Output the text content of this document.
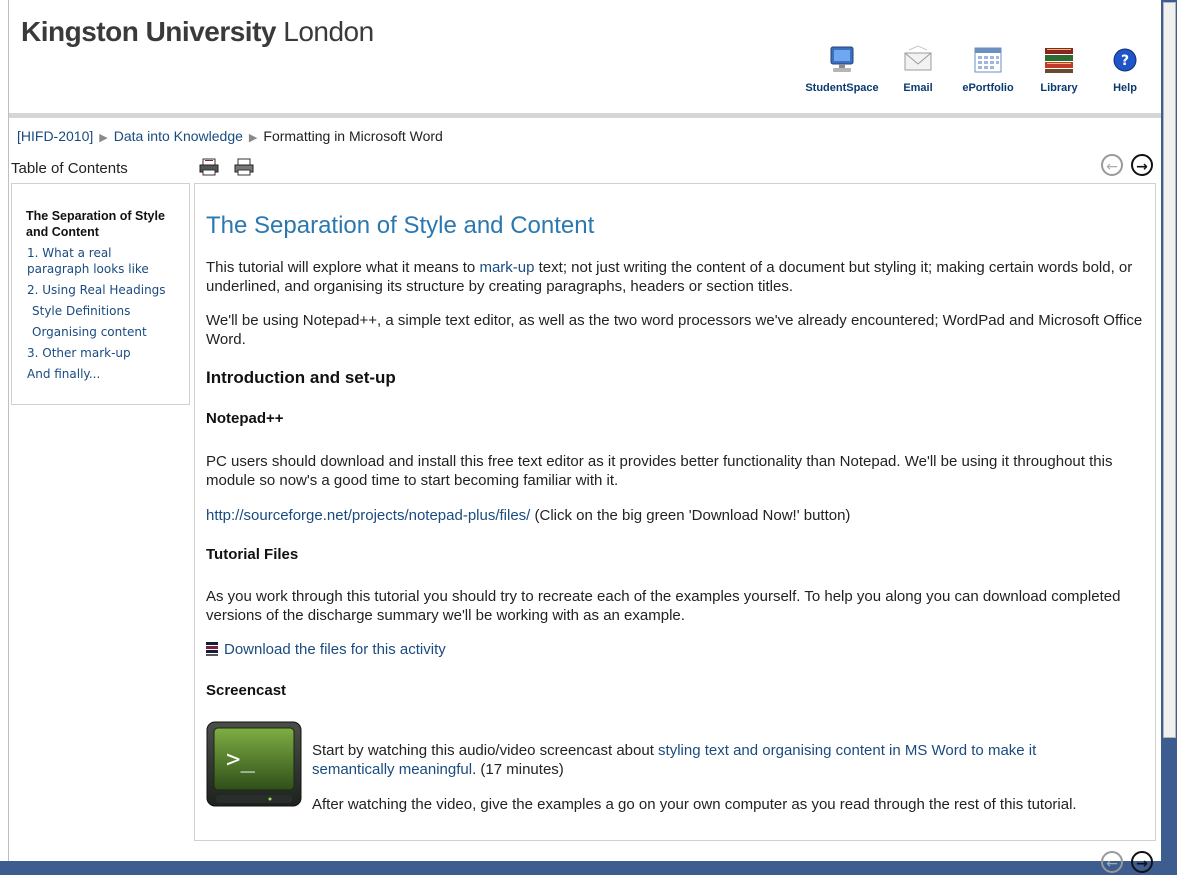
Kingston University London
StudentSpace	Email	ePortfolio	Library
?
Help
[HIFD-2010] ▶ Data into Knowledge ▶ Formatting in Microsoft Word
Table of Contents
	← →
The Separation of Style and Content
1. What a real paragraph looks like
2. Using Real Headings
Style Definitions
Organising content
3. Other mark-up
And finally...
The Separation of Style and Content
This tutorial will explore what it means to mark-up text; not just writing the content of a document but styling it; making certain words bold, or underlined, and organising its structure by creating paragraphs, headers or section titles.
We'll be using Notepad++, a simple text editor, as well as the two word processors we've already encountered; WordPad and Microsoft Office Word.
Introduction and set-up
Notepad++
PC users should download and install this free text editor as it provides better functionality than Notepad. We'll be using it throughout this module so now's a good time to start becoming familiar with it.
http://sourceforge.net/projects/notepad-plus/files/ (Click on the big green 'Download Now!' button)
Tutorial Files
As you work through this tutorial you should try to recreate each of the examples yourself. To help you along you can download completed versions of the discharge summary we'll be working with as an example.
Download the files for this activity
Screencast
>_	Start by watching this audio/video screencast about styling text and organising content in MS Word to make it semantically meaningful. (17 minutes)
After watching the video, give the examples a go on your own computer as you read through the rest of this tutorial.
← →
